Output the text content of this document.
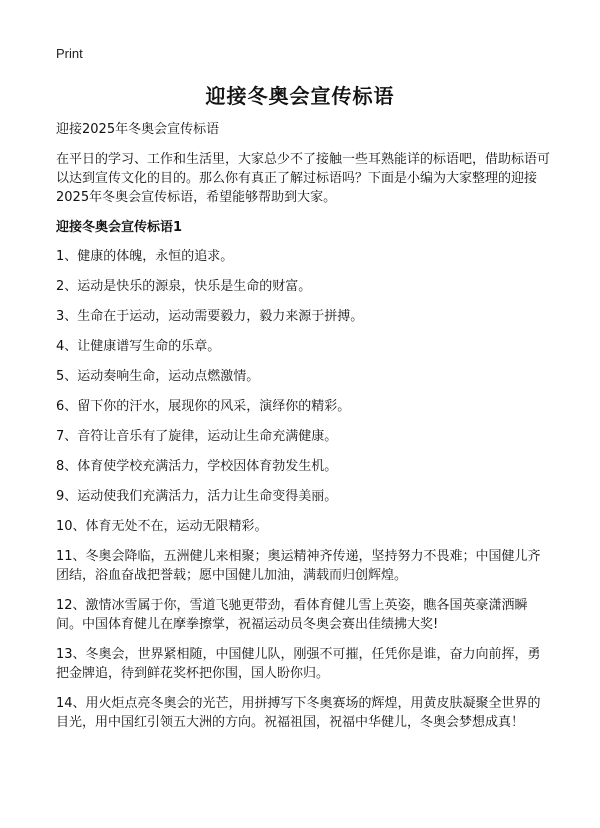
Print
迎接冬奥会宣传标语
迎接2025年冬奥会宣传标语
在平日的学习、工作和生活里，大家总少不了接触一些耳熟能详的标语吧，借助标语可以达到宣传文化的目的。那么你有真正了解过标语吗？下面是小编为大家整理的迎接2025年冬奥会宣传标语，希望能够帮助到大家。
迎接冬奥会宣传标语1
1、健康的体魄，永恒的追求。
2、运动是快乐的源泉，快乐是生命的财富。
3、生命在于运动，运动需要毅力，毅力来源于拼搏。
4、让健康谱写生命的乐章。
5、运动奏响生命，运动点燃激情。
6、留下你的汗水，展现你的风采，演绎你的精彩。
7、音符让音乐有了旋律，运动让生命充满健康。
8、体育使学校充满活力，学校因体育勃发生机。
9、运动使我们充满活力，活力让生命变得美丽。
10、体育无处不在，运动无限精彩。
11、冬奥会降临，五洲健儿来相聚；奥运精神齐传递，坚持努力不畏难；中国健儿齐团结，浴血奋战把誉载；愿中国健儿加油，满载而归创辉煌。
12、激情冰雪属于你，雪道飞驰更带劲，看体育健儿雪上英姿，瞧各国英豪潇洒瞬间。中国体育健儿在摩拳擦掌，祝福运动员冬奥会赛出佳绩拂大奖!
13、冬奥会，世界紧相随，中国健儿队，刚强不可摧，任凭你是谁，奋力向前挥，勇把金牌追，待到鲜花奖杯把你围，国人盼你归。
14、用火炬点亮冬奥会的光芒，用拼搏写下冬奥赛场的辉煌，用黄皮肤凝聚全世界的目光，用中国红引领五大洲的方向。祝福祖国，祝福中华健儿，冬奥会梦想成真！
